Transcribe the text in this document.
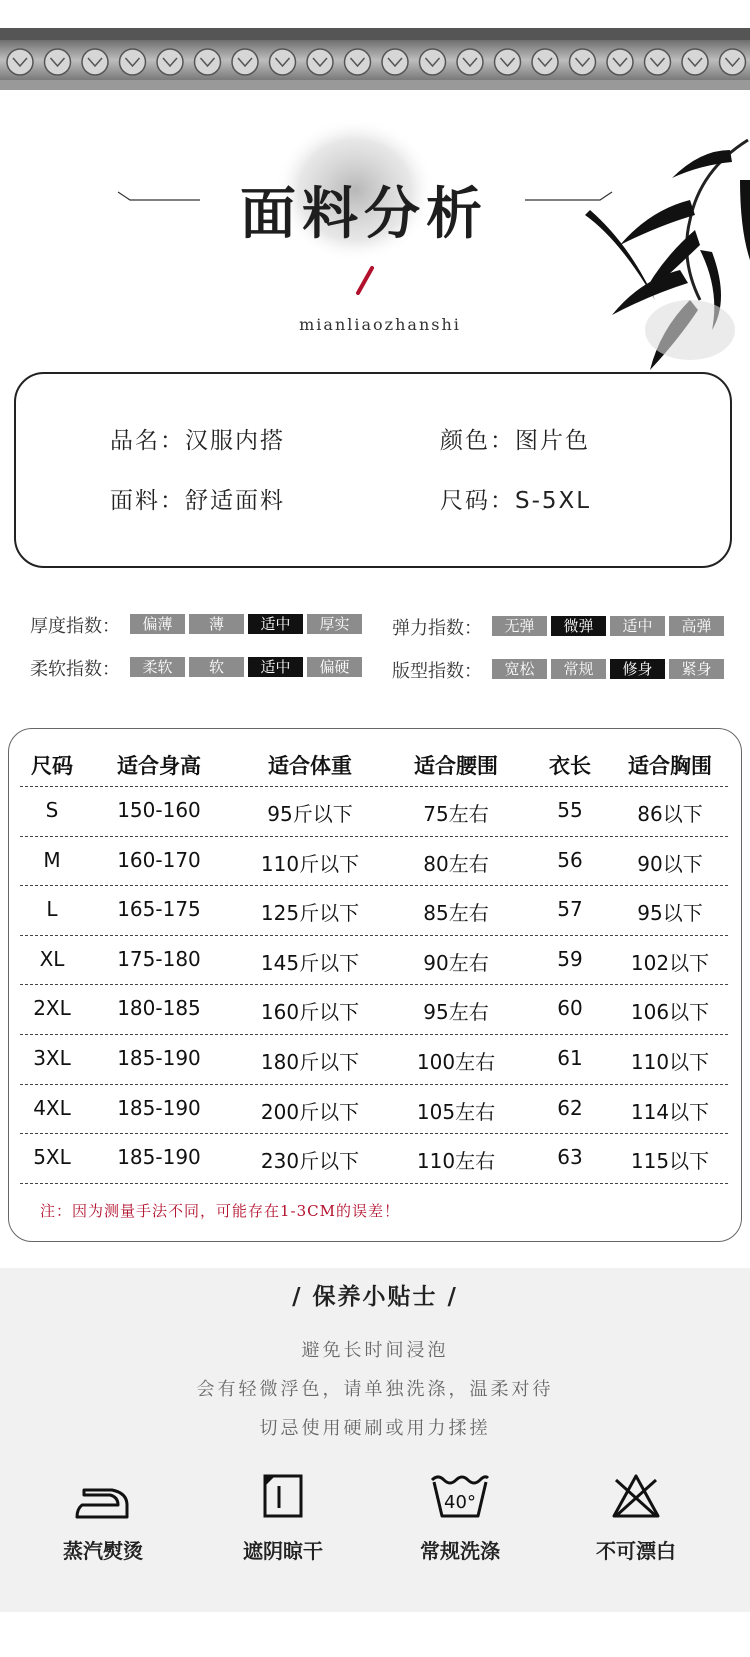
面料分析
mianliaozhanshi
品名：汉服内搭	颜色：图片色
面料：舒适面料	尺码：S-5XL
厚度指数：	弹力指数：
柔软指数：	版型指数：
偏薄	薄	适中	厚实	无弹	微弹	适中	高弹
柔软	软	适中	偏硬	宽松	常规	修身	紧身
尺码	适合身高	适合体重	适合腰围	衣长	适合胸围
S	150-160	95斤以下	75左右	55	86以下
M	160-170	110斤以下	80左右	56	90以下
L	165-175	125斤以下	85左右	57	95以下
XL	175-180	145斤以下	90左右	59	102以下
2XL	180-185	160斤以下	95左右	60	106以下
3XL	185-190	180斤以下	100左右	61	110以下
4XL	185-190	200斤以下	105左右	62	114以下
5XL	185-190	230斤以下	110左右	63	115以下
注：因为测量手法不同，可能存在1-3CM的误差！
/ 保养小贴士 /
避免长时间浸泡
会有轻微浮色，请单独洗涤，温柔对待
切忌使用硬刷或用力揉搓
40°
蒸汽熨烫	遮阴晾干	常规洗涤	不可漂白
